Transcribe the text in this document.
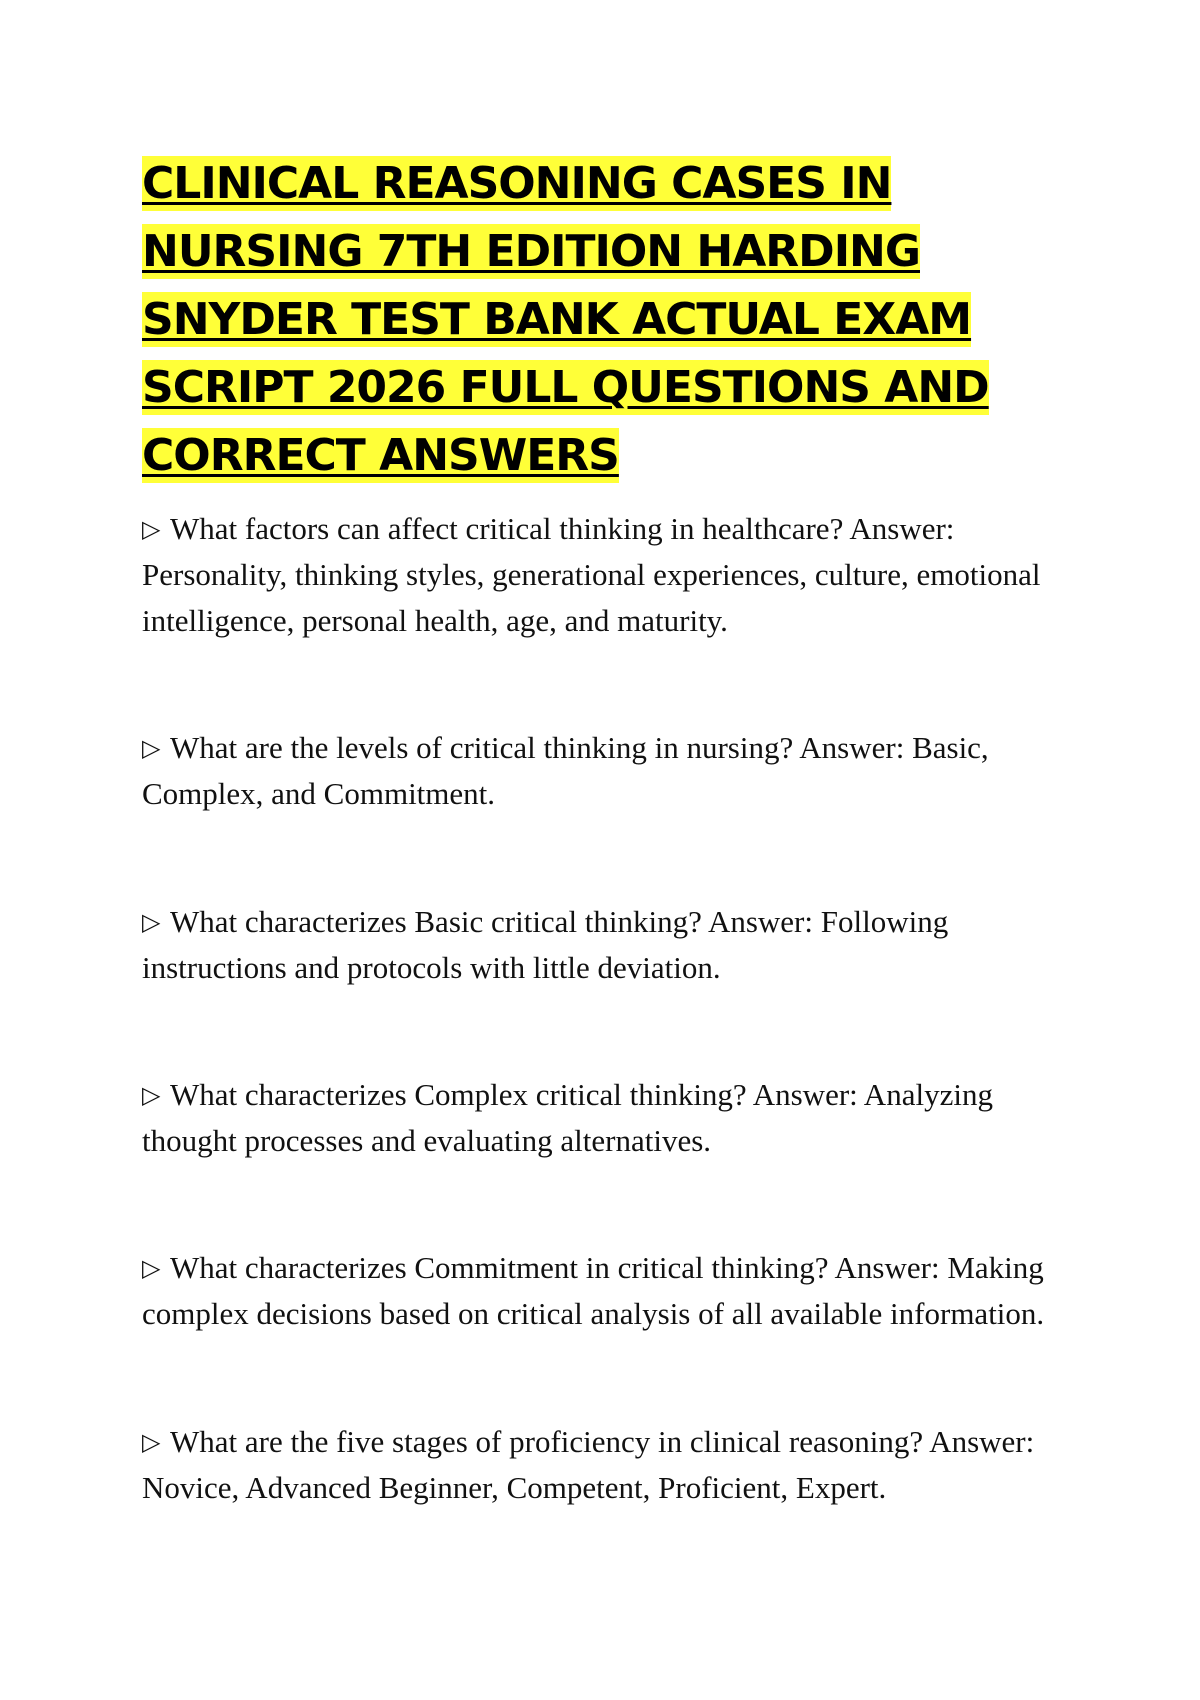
CLINICAL REASONING CASES IN NURSING 7TH EDITION HARDING SNYDER TEST BANK ACTUAL EXAM SCRIPT 2026 FULL QUESTIONS AND CORRECT ANSWERS

▷ What factors can affect critical thinking in healthcare? Answer: Personality, thinking styles, generational experiences, culture, emotional intelligence, personal health, age, and maturity.

▷ What are the levels of critical thinking in nursing? Answer: Basic, Complex, and Commitment.

▷ What characterizes Basic critical thinking? Answer: Following instructions and protocols with little deviation.

▷ What characterizes Complex critical thinking? Answer: Analyzing thought processes and evaluating alternatives.

▷ What characterizes Commitment in critical thinking? Answer: Making complex decisions based on critical analysis of all available information.

▷ What are the five stages of proficiency in clinical reasoning? Answer: Novice, Advanced Beginner, Competent, Proficient, Expert.
